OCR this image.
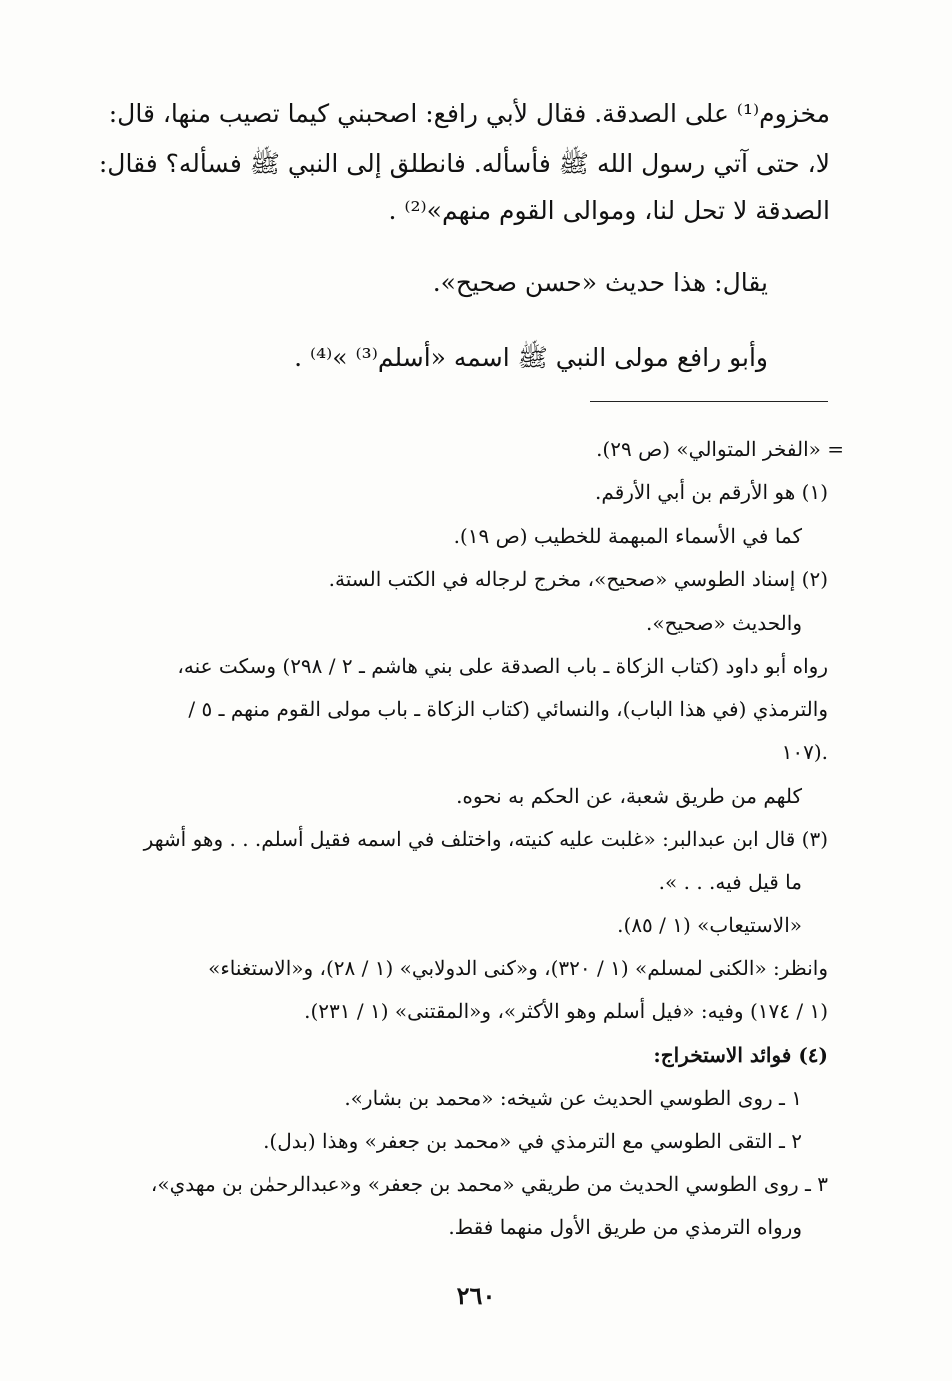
مخزوم⁽¹⁾ على الصدقة. فقال لأبي رافع: اصحبني كيما تصيب منها، قال:
لا، حتى آتي رسول الله ﷺ فأسأله. فانطلق إلى النبي ﷺ فسأله؟ فقال:
الصدقة لا تحل لنا، وموالى القوم منهم»⁽²⁾ .
يقال: هذا حديث «حسن صحيح».
وأبو رافع مولى النبي ﷺ اسمه «أسلم⁽³⁾ »⁽⁴⁾ .
= «الفخر المتوالي» (ص ٢٩).
(١) هو الأرقم بن أبي الأرقم.
كما في الأسماء المبهمة للخطيب (ص ١٩).
(٢) إسناد الطوسي «صحيح»، مخرج لرجاله في الكتب الستة.
والحديث «صحيح».
رواه أبو داود (كتاب الزكاة ـ باب الصدقة على بني هاشم ـ ٢ / ٢٩٨) وسكت عنه،
والترمذي (في هذا الباب)، والنسائي (كتاب الزكاة ـ باب مولى القوم منهم ـ ٥ /
١٠٧).
كلهم من طريق شعبة، عن الحكم به نحوه.
(٣) قال ابن عبدالبر: «غلبت عليه كنيته، واختلف في اسمه فقيل أسلم. . . وهو أشهر
ما قيل فيه. . . ».
«الاستيعاب» (١ / ٨٥).
وانظر: «الكنى لمسلم» (١ / ٣٢٠)، و«كنى الدولابي» (١ / ٢٨)، و«الاستغناء»
(١ / ١٧٤) وفيه: «فيل أسلم وهو الأكثر»، و«المقتنى» (١ / ٢٣١).
(٤) فوائد الاستخراج:
١ ـ روى الطوسي الحديث عن شيخه: «محمد بن بشار».
٢ ـ التقى الطوسي مع الترمذي في «محمد بن جعفر» وهذا (بدل).
٣ ـ روى الطوسي الحديث من طريقي «محمد بن جعفر» و«عبدالرحمٰن بن مهدي»،
ورواه الترمذي من طريق الأول منهما فقط.
٢٦٠
